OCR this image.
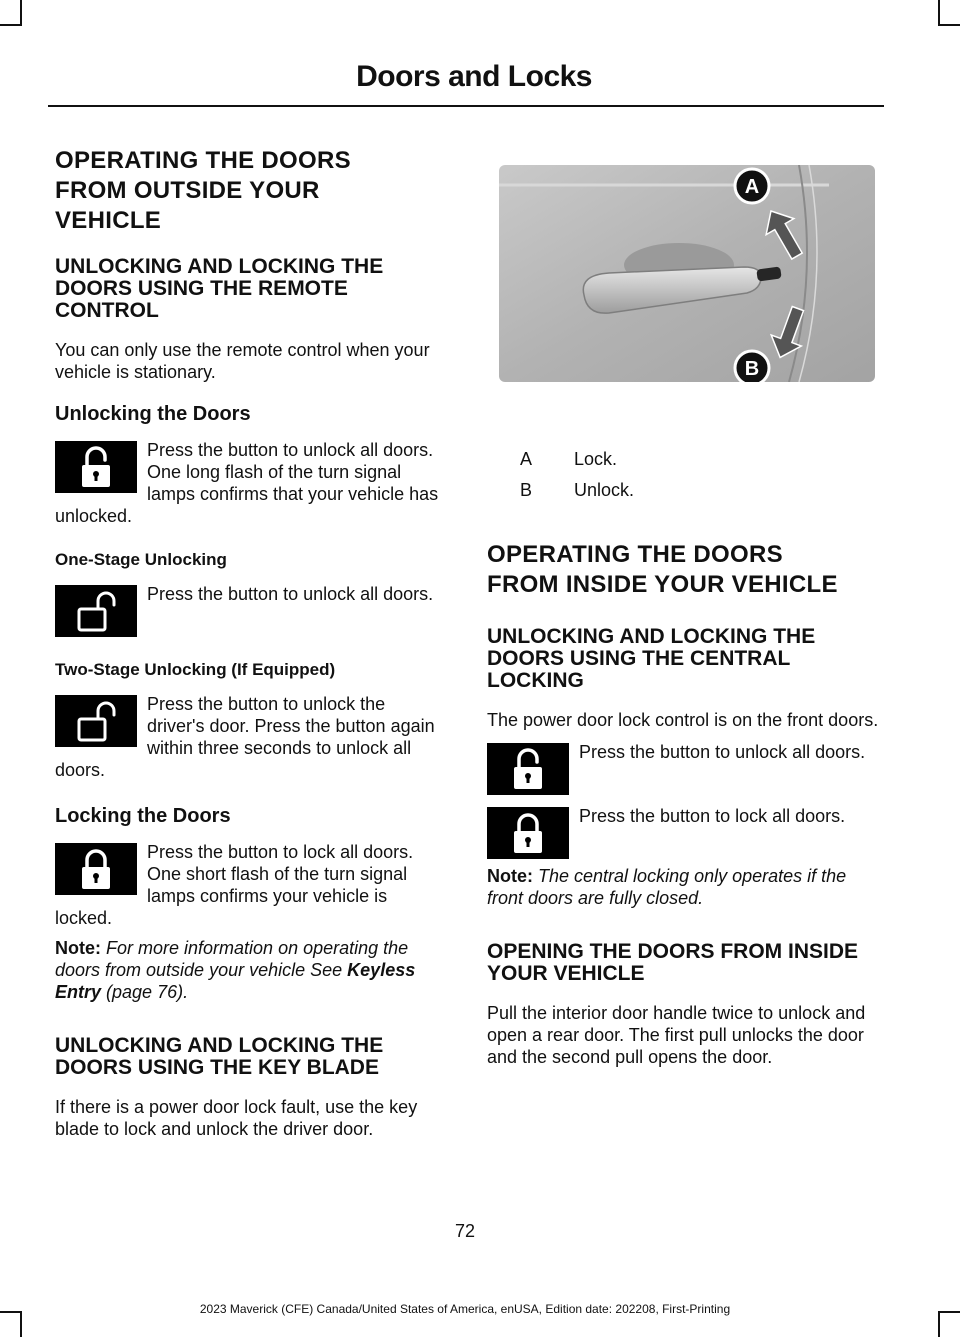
Doors and Locks
OPERATING THE DOORS
FROM OUTSIDE YOUR
VEHICLE
UNLOCKING AND LOCKING THE DOORS USING THE REMOTE CONTROL

You can only use the remote control when your vehicle is stationary.

Unlocking the Doors

Press the button to unlock all doors. One long flash of the turn signal lamps confirms that your vehicle has unlocked.

One-Stage Unlocking

Press the button to unlock all doors.

Two-Stage Unlocking (If Equipped)

Press the button to unlock the driver's door. Press the button again within three seconds to unlock all doors.

Locking the Doors

Press the button to lock all doors. One short flash of the turn signal lamps confirms your vehicle is locked.

Note: For more information on operating the doors from outside your vehicle See Keyless Entry (page 76).

UNLOCKING AND LOCKING THE DOORS USING THE KEY BLADE

If there is a power door lock fault, use the key blade to lock and unlock the driver door.

A
B
A Lock.
B Unlock.
OPERATING THE DOORS
FROM INSIDE YOUR VEHICLE
UNLOCKING AND LOCKING THE DOORS USING THE CENTRAL LOCKING

The power door lock control is on the front doors.

Press the button to unlock all doors.

Press the button to lock all doors.

Note: The central locking only operates if the front doors are fully closed.

OPENING THE DOORS FROM INSIDE YOUR VEHICLE

Pull the interior door handle twice to unlock and open a rear door. The first pull unlocks the door and the second pull opens the door.

72
2023 Maverick (CFE) Canada/United States of America, enUSA, Edition date: 202208, First-Printing
